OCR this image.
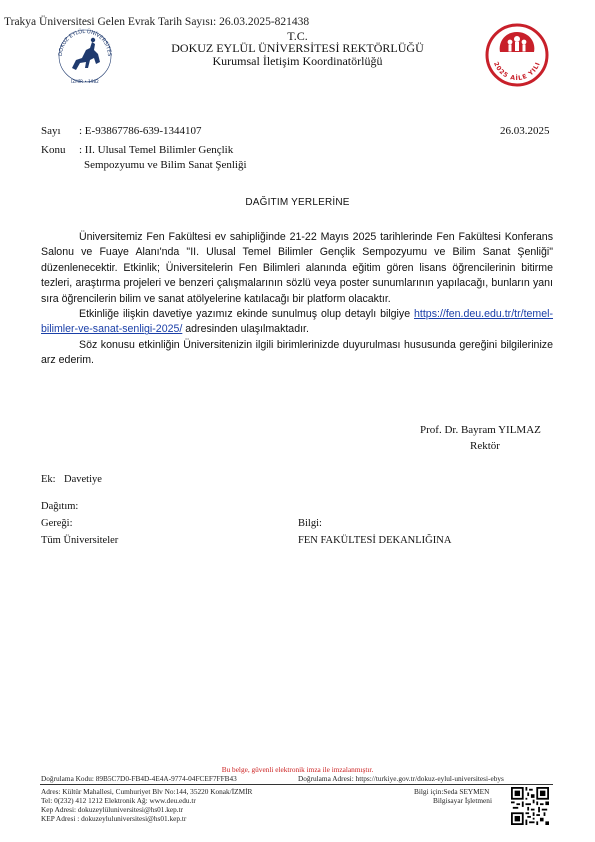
Trakya Üniversitesi Gelen Evrak Tarih Sayısı: 26.03.2025-821438
DOKUZ EYLÜL ÜNİVERSİTES
İZMİR • 1982
2025 AİLE YILI
T.C.
DOKUZ EYLÜL ÜNİVERSİTESİ REKTÖRLÜĞÜ
Kurumsal İletişim Koordinatörlüğü
Sayı : E-93867786-639-1344107	26.03.2025
Konu : II. Ulusal Temel Bilimler Gençlik
Sempozyumu ve Bilim Sanat Şenliği
DAĞITIM YERLERİNE

Üniversitemiz Fen Fakültesi ev sahipliğinde 21-22 Mayıs 2025 tarihlerinde Fen Fakültesi Konferans Salonu ve Fuaye Alanı'nda "II. Ulusal Temel Bilimler Gençlik Sempozyumu ve Bilim Sanat Şenliği" düzenlenecektir. Etkinlik; Üniversitelerin Fen Bilimleri alanında eğitim gören lisans öğrencilerinin bitirme tezleri, araştırma projeleri ve benzeri çalışmalarının sözlü veya poster sunumlarının yapılacağı, bunların yanı sıra öğrencilerin bilim ve sanat atölyelerine katılacağı bir platform olacaktır.

Etkinliğe ilişkin davetiye yazımız ekinde sunulmuş olup detaylı bilgiye https://fen.deu.edu.tr/tr/temel-bilimler-ve-sanat-senligi-2025/ adresinden ulaşılmaktadır.

Söz konusu etkinliğin Üniversitenizin ilgili birimlerinizde duyurulması hususunda gereğini bilgilerinize arz ederim.

Prof. Dr. Bayram YILMAZ
Rektör
Ek: Davetiye
Dağıtım:
Gereği:
Tüm Üniversiteler
Bilgi:
FEN FAKÜLTESİ DEKANLIĞINA
Bu belge, güvenli elektronik imza ile imzalanmıştır.
Doğrulama Kodu: 89B5C7D0-FB4D-4E4A-9774-04FCEF7FFB43	Doğrulama Adresi: https://turkiye.gov.tr/dokuz-eylul-universitesi-ebys
Adres: Kültür Mahallesi, Cumhuriyet Blv No:144, 35220 Konak/İZMİR
Tel: 0(232) 412 1212 Elektronik Ağ: www.deu.edu.tr
Kep Adresi: dokuzeylüluniversitesi@hs01.kep.tr
KEP Adresi : dokuzeyluluniversitesi@hs01.kep.tr
Bilgi için:Seda SEYMEN
Bilgisayar İşletmeni
